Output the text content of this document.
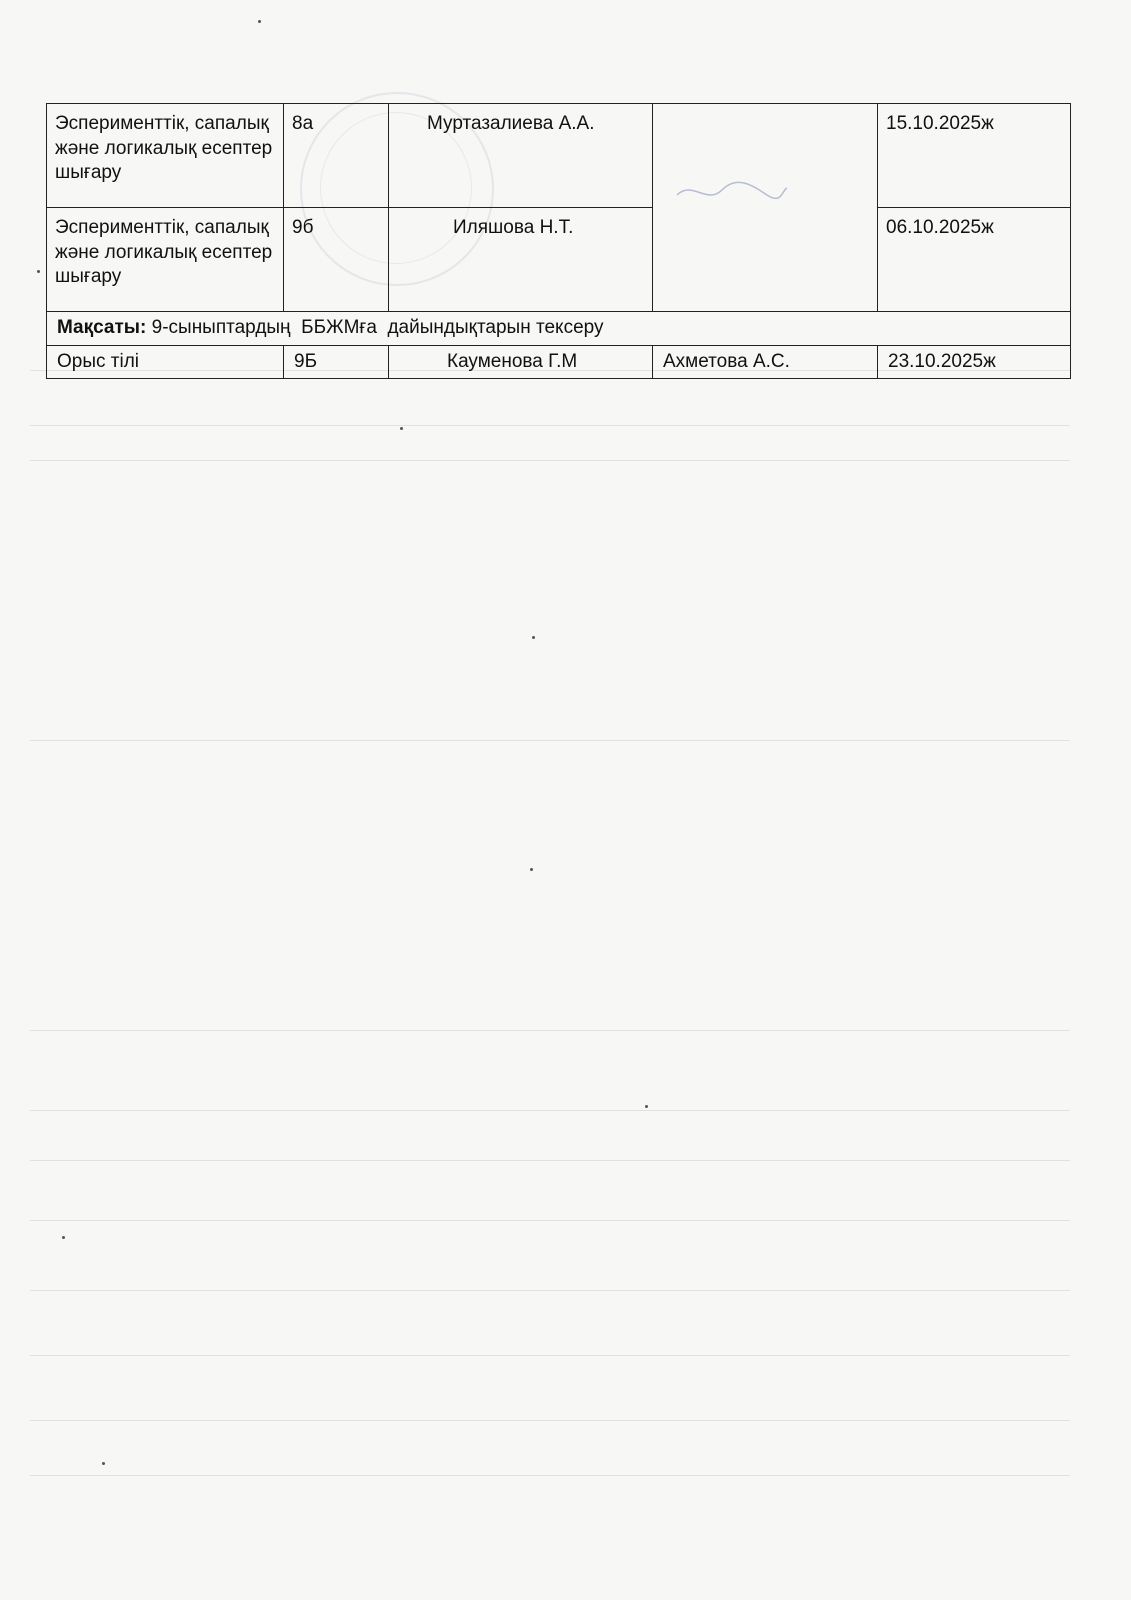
Эсперименттік, сапалық және логикалық есептер шығару	8а	Муртазалиева А.А.		15.10.2025ж
Эсперименттік, сапалық және логикалық есептер шығару	9б	Иляшова Н.Т.		06.10.2025ж
Мақсаты: 9-сыныптардың  ББЖМға  дайындықтарын тексеру				
Орыс тілі	9Б	Кауменова Г.М	Ахметова А.С.	23.10.2025ж
